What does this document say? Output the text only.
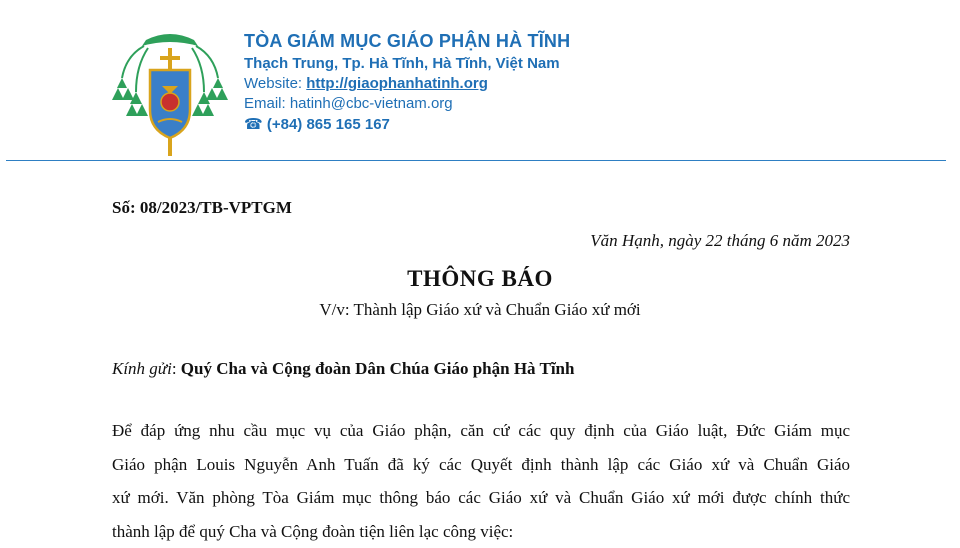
TÒA GIÁM MỤC GIÁO PHẬN HÀ TĨNH
Thạch Trung, Tp. Hà Tĩnh, Hà Tĩnh, Việt Nam
Website: http://giaophanhatinh.org
Email: hatinh@cbc-vietnam.org
☎ (+84) 865 165 167
Số: 08/2023/TB-VPTGM
Văn Hạnh, ngày 22 tháng 6 năm 2023
THÔNG BÁO
V/v: Thành lập Giáo xứ và Chuẩn Giáo xứ mới
Kính gửi: Quý Cha và Cộng đoàn Dân Chúa Giáo phận Hà Tĩnh
Để đáp ứng nhu cầu mục vụ của Giáo phận, căn cứ các quy định của Giáo luật, Đức Giám mục
Giáo phận Louis Nguyễn Anh Tuấn đã ký các Quyết định thành lập các Giáo xứ và Chuẩn Giáo
xứ mới. Văn phòng Tòa Giám mục thông báo các Giáo xứ và Chuẩn Giáo xứ mới được chính thức
thành lập để quý Cha và Cộng đoàn tiện liên lạc công việc:
